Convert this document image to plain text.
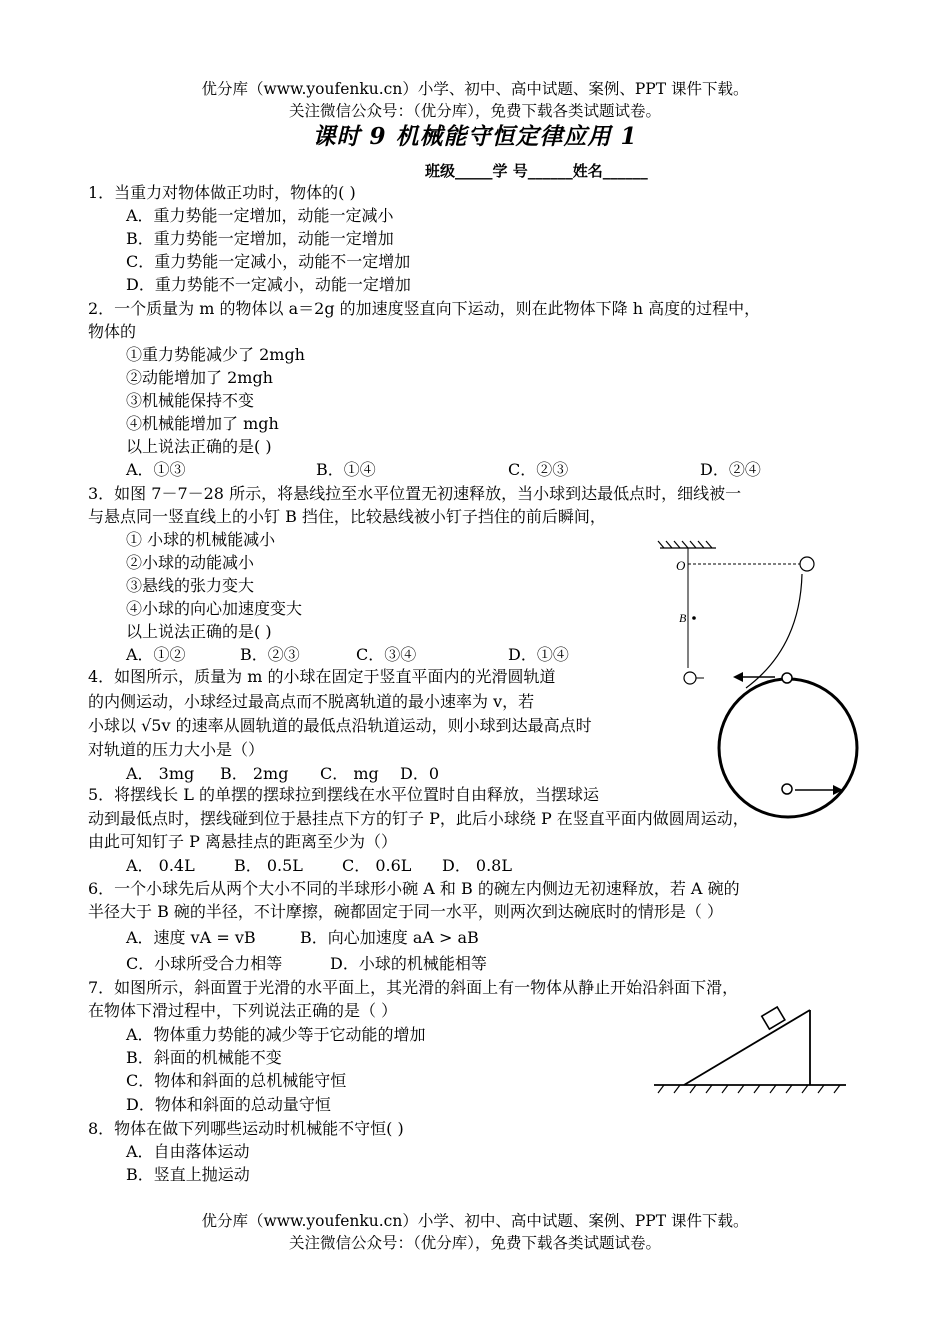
优分库（www.youfenku.cn）小学、初中、高中试题、案例、PPT 课件下载。
关注微信公众号：（优分库），免费下载各类试题试卷。
课时 9 机械能守恒定律应用 1
班级_____学 号______姓名______
1．当重力对物体做正功时，物体的( )
A．重力势能一定增加，动能一定减小
B．重力势能一定增加，动能一定增加
C．重力势能一定减小，动能不一定增加
D．重力势能不一定减小，动能一定增加
2．一个质量为 m 的物体以 a＝2g 的加速度竖直向下运动，则在此物体下降 h 高度的过程中，
物体的
①重力势能减少了 2mgh
②动能增加了 2mgh
③机械能保持不变
④机械能增加了 mgh
以上说法正确的是( )
A．①③	B．①④	C．②③	D．②④
3．如图 7－7－28 所示，将悬线拉至水平位置无初速释放，当小球到达最低点时，细线被一
与悬点同一竖直线上的小钉 B 挡住，比较悬线被小钉子挡住的前后瞬间，
① 小球的机械能减小
②小球的动能减小
③悬线的张力变大
④小球的向心加速度变大
以上说法正确的是( )
A．①②	B．②③	C．③④	D．①④
O
B
4．如图所示，质量为 m 的小球在固定于竖直平面内的光滑圆轨道
的内侧运动，小球经过最高点而不脱离轨道的最小速率为 v，若
小球以 √5v 的速率从圆轨道的最低点沿轨道运动，则小球到达最高点时
对轨道的压力大小是（）
A． 3mg B． 2mg C． mg D．0
5．将摆线长 L 的单摆的摆球拉到摆线在水平位置时自由释放，当摆球运
动到最低点时，摆线碰到位于悬挂点下方的钉子 P，此后小球绕 P 在竖直平面内做圆周运动，
由此可知钉子 P 离悬挂点的距离至少为（）
A． 0.4L B． 0.5L C． 0.6L D． 0.8L
6．一个小球先后从两个大小不同的半球形小碗 A 和 B 的碗左内侧边无初速释放，若 A 碗的
半径大于 B 碗的半径，不计摩擦，碗都固定于同一水平，则两次到达碗底时的情形是（ ）
A．速度 vA = vB	B．向心加速度 aA > aB
C．小球所受合力相等	D．小球的机械能相等
7．如图所示，斜面置于光滑的水平面上，其光滑的斜面上有一物体从静止开始沿斜面下滑，
在物体下滑过程中，下列说法正确的是（ ）
A．物体重力势能的减少等于它动能的增加
B．斜面的机械能不变
C．物体和斜面的总机械能守恒
D．物体和斜面的总动量守恒
8．物体在做下列哪些运动时机械能不守恒( )
A．自由落体运动
B．竖直上抛运动
优分库（www.youfenku.cn）小学、初中、高中试题、案例、PPT 课件下载。
关注微信公众号：（优分库），免费下载各类试题试卷。
